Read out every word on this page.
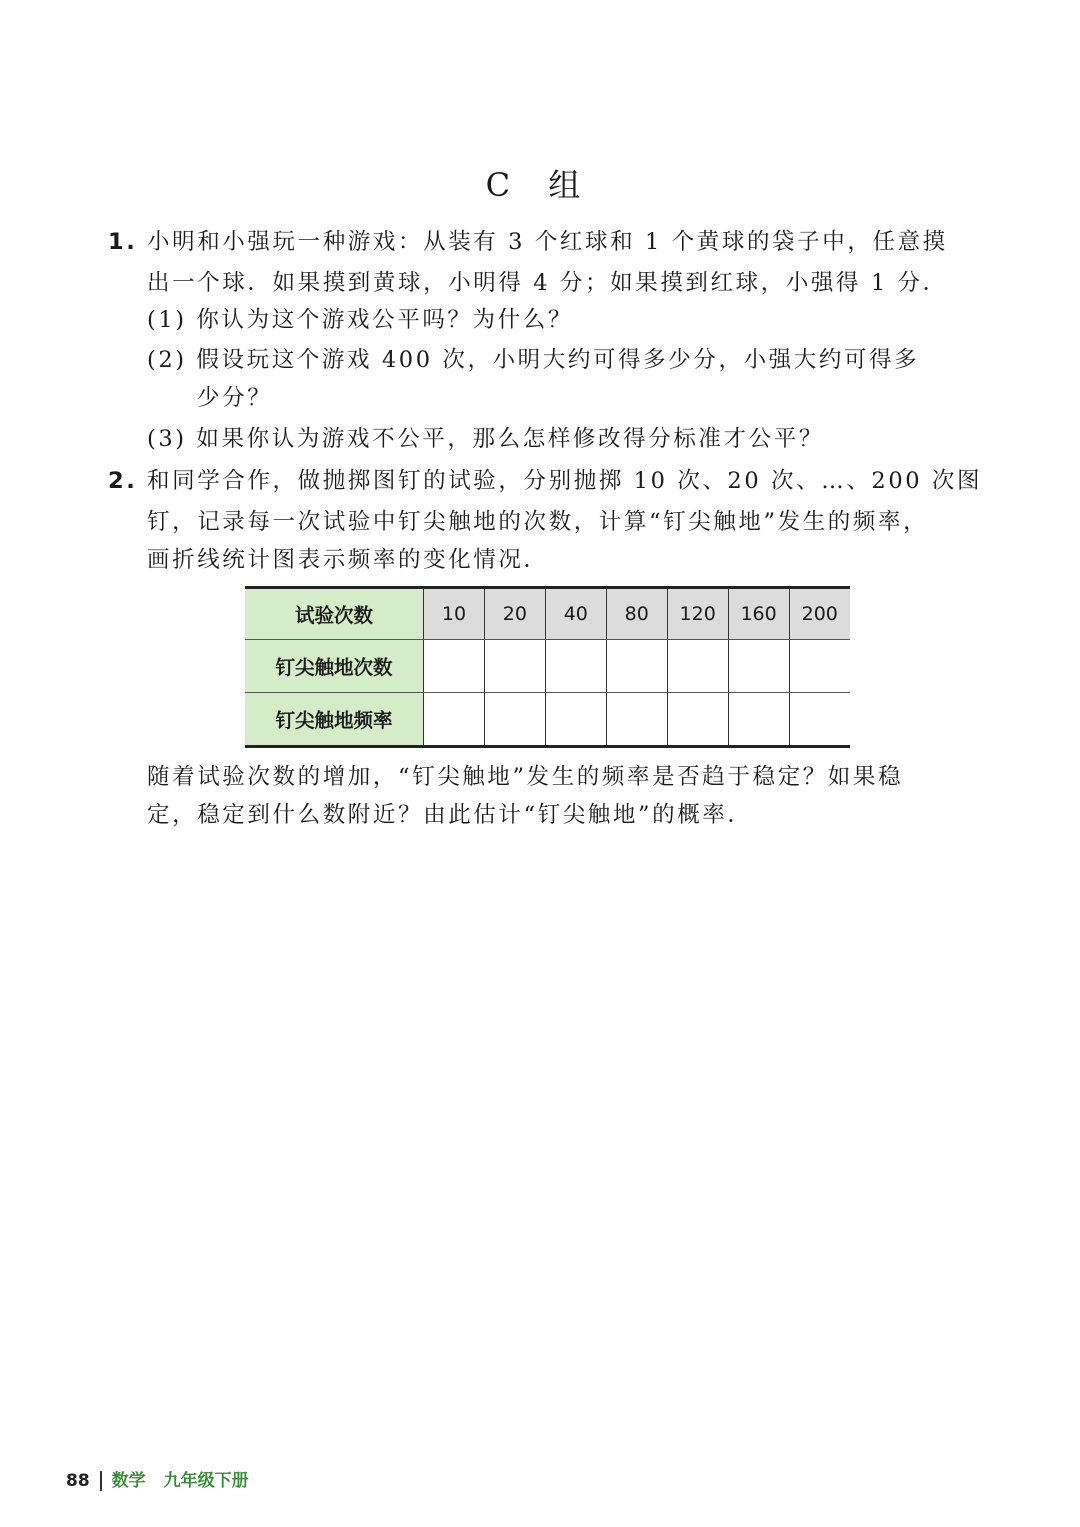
C 组
1. 小明和小强玩一种游戏：从装有 3 个红球和 1 个黄球的袋子中，任意摸
出一个球．如果摸到黄球，小明得 4 分；如果摸到红球，小强得 1 分．
(1) 你认为这个游戏公平吗？为什么？
(2) 假设玩这个游戏 400 次，小明大约可得多少分，小强大约可得多
少分？
(3) 如果你认为游戏不公平，那么怎样修改得分标准才公平？
2. 和同学合作，做抛掷图钉的试验，分别抛掷 10 次、20 次、…、200 次图
钉，记录每一次试验中钉尖触地的次数，计算“钉尖触地”发生的频率，
画折线统计图表示频率的变化情况．
试验次数	10	20	40	80	120	160	200
钉尖触地次数							
钉尖触地频率							
随着试验次数的增加，“钉尖触地”发生的频率是否趋于稳定？如果稳
定，稳定到什么数附近？由此估计“钉尖触地”的概率．
88 数学 九年级下册
